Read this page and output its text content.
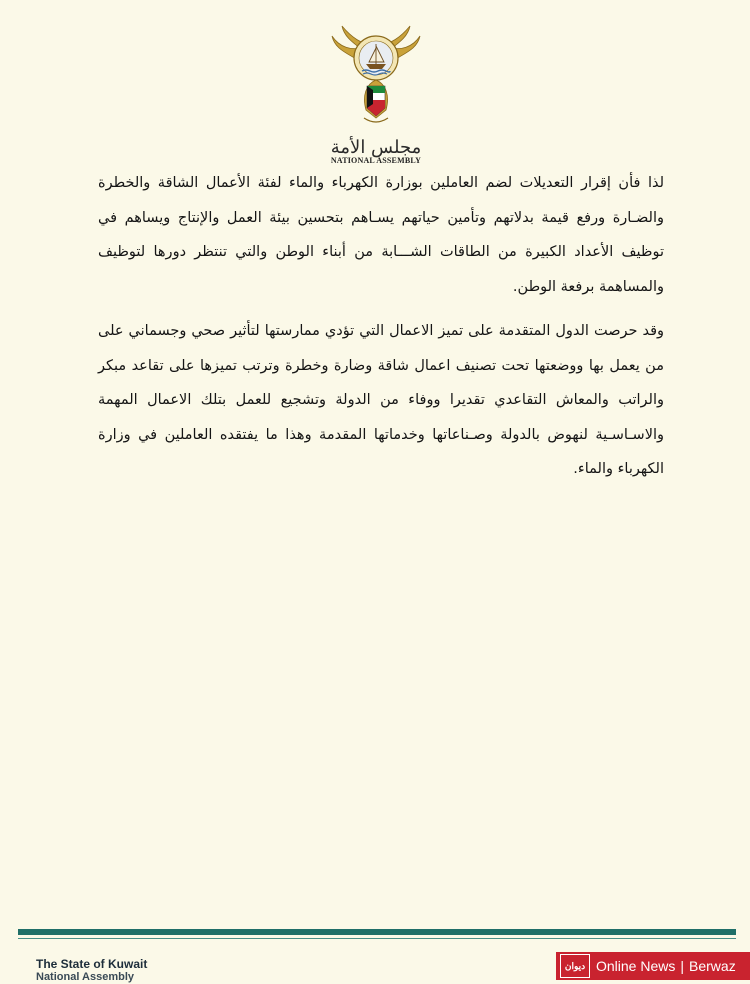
مجلس الأمة
NATIONAL ASSEMBLY

لذا فأن إقرار التعديلات لضم العاملين بوزارة الكهرباء والماء لفئة الأعمال الشاقة والخطرة والضـارة ورفع قيمة بدلاتهم وتأمين حياتهم يسـاهم بتحسين بيئة العمل والإنتاج ويساهم في توظيف الأعداد الكبيرة من الطاقات الشـــابة من أبناء الوطن والتي تنتظر دورها لتوظيف والمساهمة برفعة الوطن.

وقد حرصت الدول المتقدمة على تميز الاعمال التي تؤدي ممارستها لتأثير صحي وجسماني على من يعمل بها ووضعتها تحت تصنيف اعمال شاقة وضارة وخطرة وترتب تميزها على تقاعد مبكر والراتب والمعاش التقاعدي تقديرا ووفاء من الدولة وتشجيع للعمل بتلك الاعمال المهمة والاسـاسـية لنهوض بالدولة وصـناعاتها وخدماتها المقدمة وهذا ما يفتقده العاملين في وزارة الكهرباء والماء.

The State of Kuwait
National Assembly
ديوان Online News | Berwaz
